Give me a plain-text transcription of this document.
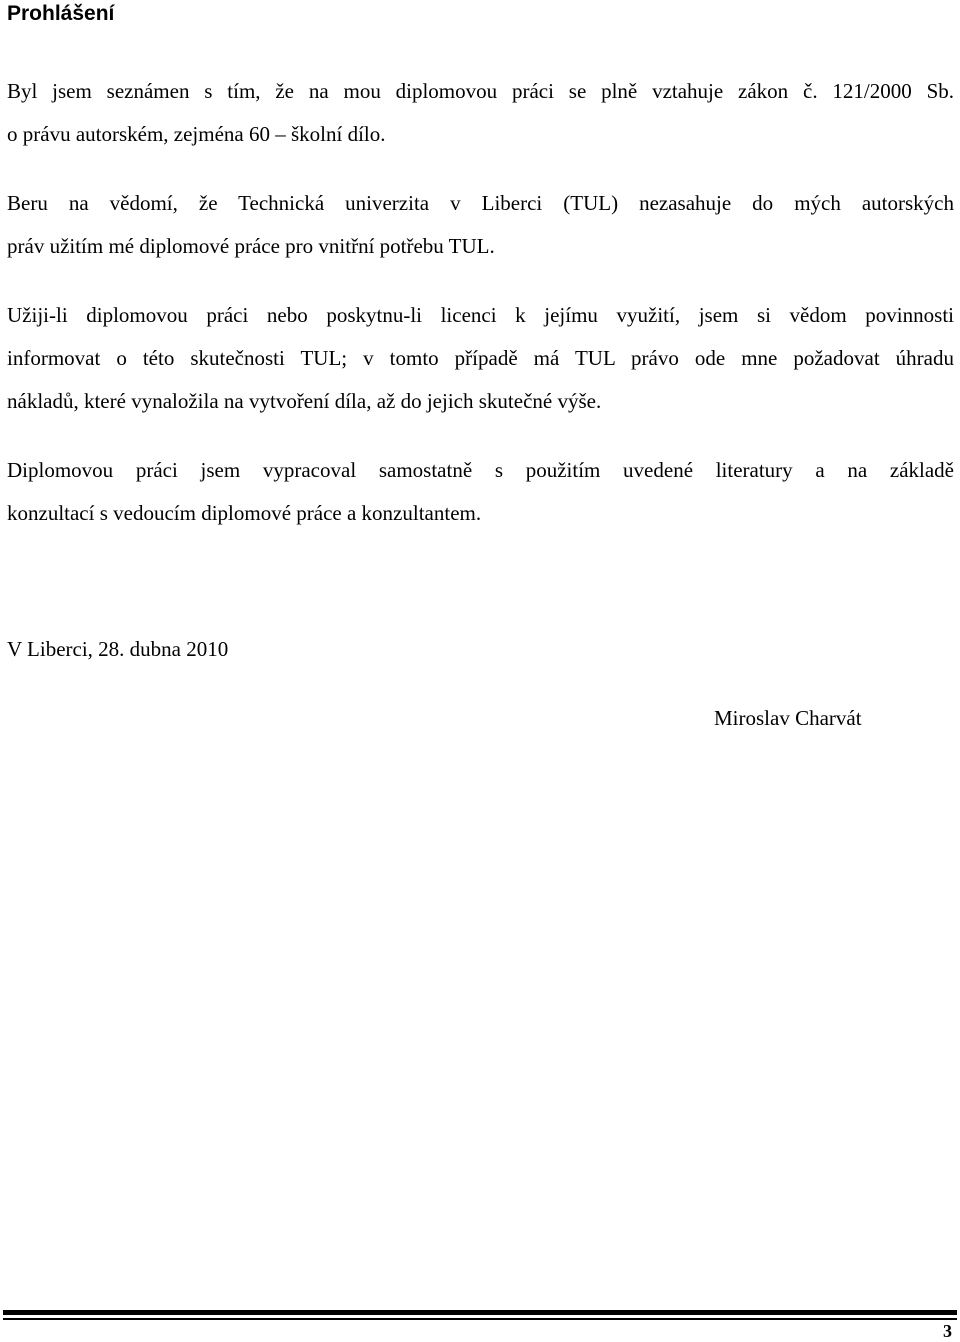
Prohlášení

Byl jsem seznámen s tím, že na mou diplomovou práci se plně vztahuje zákon č. 121/2000 Sb.
o právu autorském, zejména 60 – školní dílo.

Beru na vědomí, že Technická univerzita v Liberci (TUL) nezasahuje do mých autorských
práv užitím mé diplomové práce pro vnitřní potřebu TUL.

Užiji-li diplomovou práci nebo poskytnu-li licenci k jejímu využití, jsem si vědom povinnosti
informovat o této skutečnosti TUL; v tomto případě má TUL právo ode mne požadovat úhradu
nákladů, které vynaložila na vytvoření díla, až do jejich skutečné výše.

Diplomovou práci jsem vypracoval samostatně s použitím uvedené literatury a na základě
konzultací s vedoucím diplomové práce a konzultantem.

V Liberci, 28. dubna 2010

Miroslav Charvát

3
